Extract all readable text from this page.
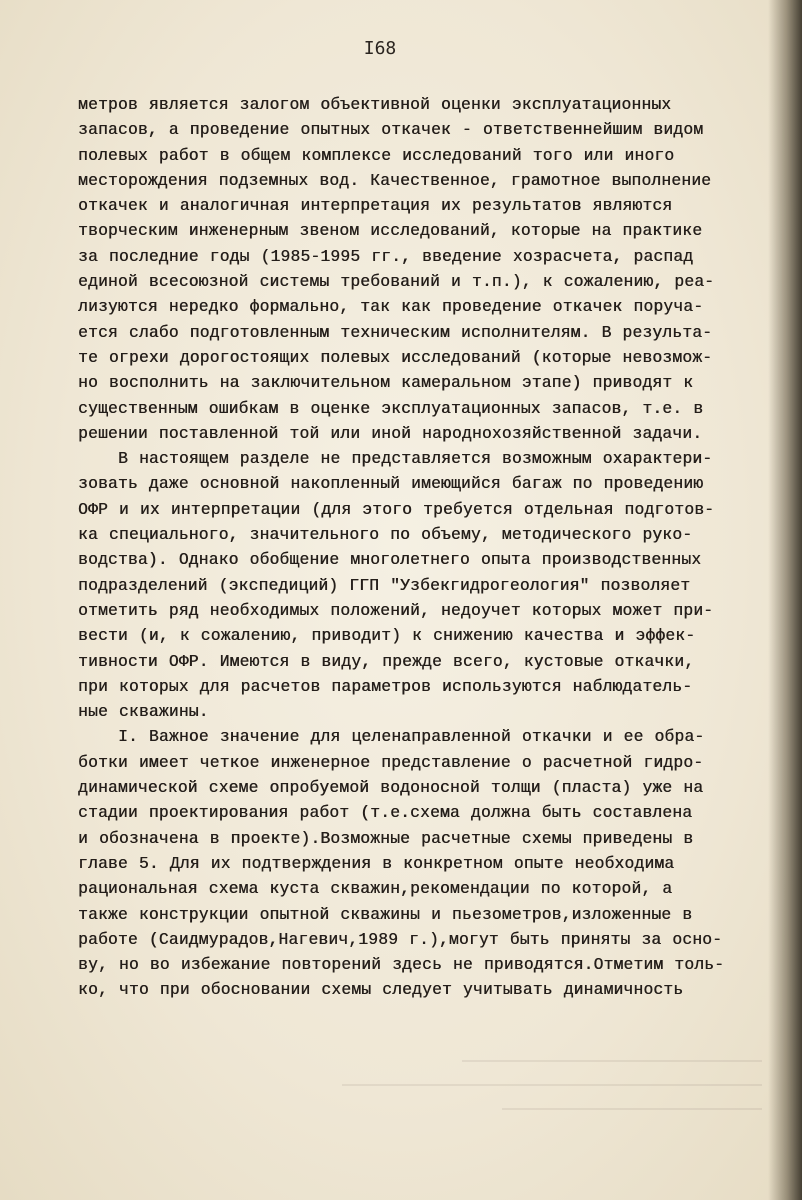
I68
метров является залогом объективной оценки эксплуатационных
запасов, а проведение опытных откачек - ответственнейшим видом
полевых работ в общем комплексе исследований того или иного
месторождения подземных вод. Качественное, грамотное выполнение
откачек и аналогичная интерпретация их результатов являются
творческим инженерным звеном исследований, которые на практике
за последние годы (1985-1995 гг., введение хозрасчета, распад
единой всесоюзной системы требований и т.п.), к сожалению, реа-
лизуются нередко формально, так как проведение откачек поруча-
ется слабо подготовленным техническим исполнителям. В результа-
те огрехи дорогостоящих полевых исследований (которые невозмож-
но восполнить на заключительном камеральном этапе) приводят к
существенным ошибкам в оценке эксплуатационных запасов, т.е. в
решении поставленной той или иной народнохозяйственной задачи.
В настоящем разделе не представляется возможным охарактери-
зовать даже основной накопленный имеющийся багаж по проведению
ОФР и их интерпретации (для этого требуется отдельная подготов-
ка специального, значительного по объему, методического руко-
водства). Однако обобщение многолетнего опыта производственных
подразделений (экспедиций) ГГП "Узбекгидрогеология" позволяет
отметить ряд необходимых положений, недоучет которых может при-
вести (и, к сожалению, приводит) к снижению качества и эффек-
тивности ОФР. Имеются в виду, прежде всего, кустовые откачки,
при которых для расчетов параметров используются наблюдатель-
ные скважины.
I. Важное значение для целенаправленной откачки и ее обра-
ботки имеет четкое инженерное представление о расчетной гидро-
динамической схеме опробуемой водоносной толщи (пласта) уже на
стадии проектирования работ (т.е.схема должна быть составлена
и обозначена в проекте).Возможные расчетные схемы приведены в
главе 5. Для их подтверждения в конкретном опыте необходима
рациональная схема куста скважин,рекомендации по которой, а
также конструкции опытной скважины и пьезометров,изложенные в
работе (Саидмурадов,Нагевич,1989 г.),могут быть приняты за осно-
ву, но во избежание повторений здесь не приводятся.Отметим толь-
ко, что при обосновании схемы следует учитывать динамичность
